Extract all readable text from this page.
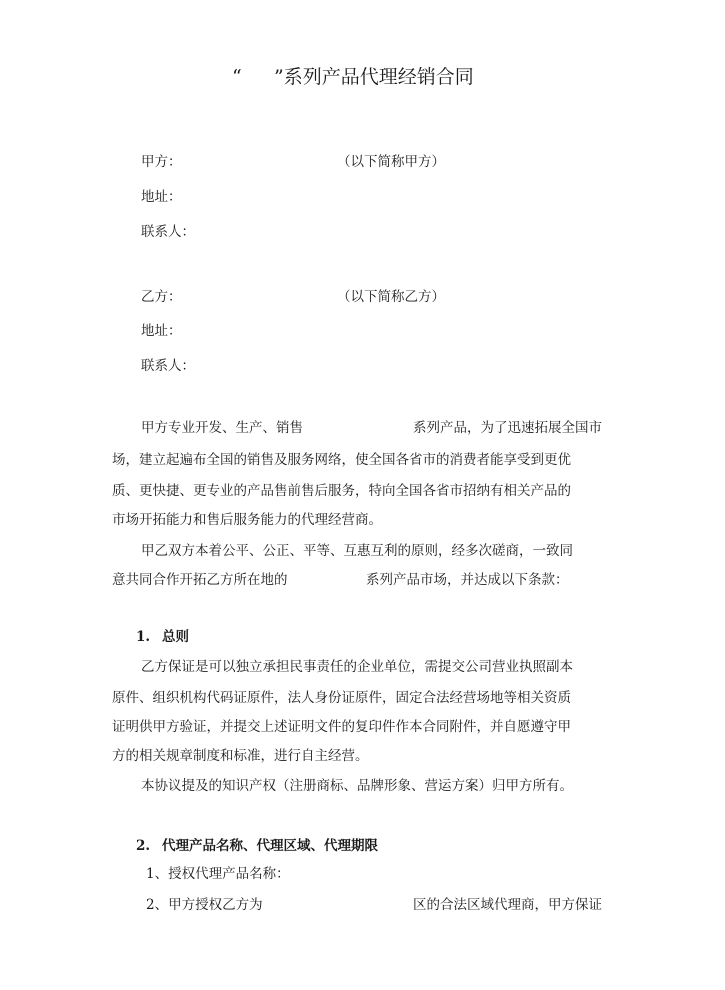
“ ”系列产品代理经销合同
甲方：	（以下简称甲方）
地址：
联系人：
乙方：	（以下简称乙方）
地址：
联系人：
甲方专业开发、生产、销售	系列产品，为了迅速拓展全国市
场，建立起遍布全国的销售及服务网络，使全国各省市的消费者能享受到更优
质、更快捷、更专业的产品售前售后服务，特向全国各省市招纳有相关产品的
市场开拓能力和售后服务能力的代理经营商。
甲乙双方本着公平、公正、平等、互惠互利的原则，经多次磋商，一致同
意共同合作开拓乙方所在地的	系列产品市场，并达成以下条款：
1. 总则
乙方保证是可以独立承担民事责任的企业单位，需提交公司营业执照副本
原件、组织机构代码证原件，法人身份证原件，固定合法经营场地等相关资质
证明供甲方验证，并提交上述证明文件的复印件作本合同附件，并自愿遵守甲
方的相关规章制度和标准，进行自主经营。
本协议提及的知识产权（注册商标、品牌形象、营运方案）归甲方所有。
2. 代理产品名称、代理区域、代理期限
1、授权代理产品名称：
2、甲方授权乙方为	区的合法区域代理商，甲方保证
